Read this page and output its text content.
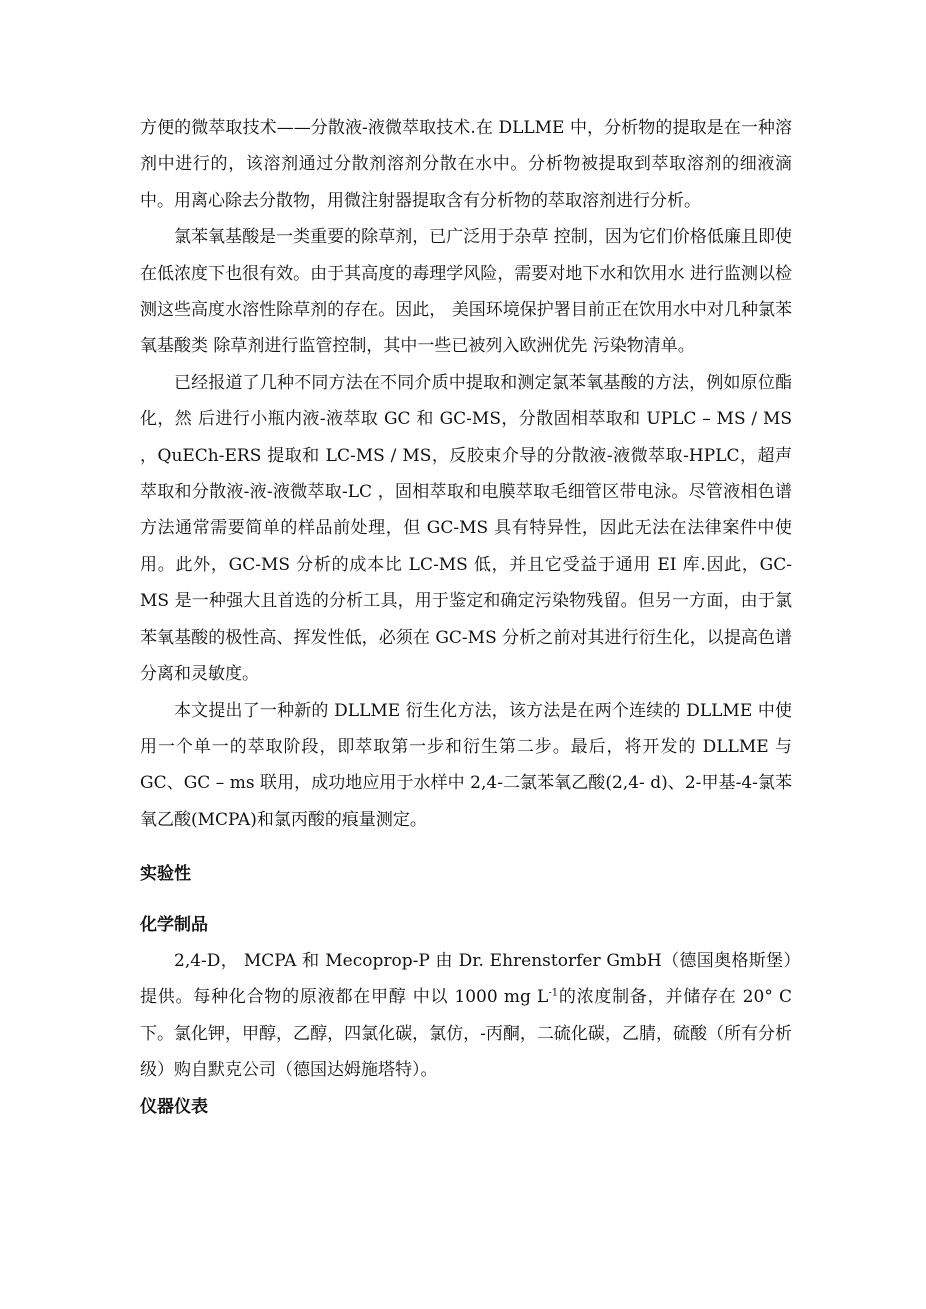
方便的微萃取技术——分散液-液微萃取技术.在 DLLME 中，分析物的提取是在一种溶剂中进行的，该溶剂通过分散剂溶剂分散在水中。分析物被提取到萃取溶剂的细液滴中。用离心除去分散物，用微注射器提取含有分析物的萃取溶剂进行分析。

氯苯氧基酸是一类重要的除草剂，已广泛用于杂草 控制，因为它们价格低廉且即使在低浓度下也很有效。由于其高度的毒理学风险，需要对地下水和饮用水 进行监测以检测这些高度水溶性除草剂的存在。因此， 美国环境保护署目前正在饮用水中对几种氯苯氧基酸类 除草剂进行监管控制，其中一些已被列入欧洲优先 污染物清单。

已经报道了几种不同方法在不同介质中提取和测定氯苯氧基酸的方法，例如原位酯化，然 后进行小瓶内液-液萃取 GC 和 GC-MS，分散固相萃取和 UPLC – MS / MS ，QuECh-ERS 提取和 LC-MS / MS，反胶束介导的分散液-液微萃取-HPLC，超声萃取和分散液-液-液微萃取-LC ，固相萃取和电膜萃取毛细管区带电泳。尽管液相色谱方法通常需要简单的样品前处理，但 GC-MS 具有特异性，因此无法在法律案件中使用。此外，GC-MS 分析的成本比 LC-MS 低，并且它受益于通用 EI 库.因此，GC-MS 是一种强大且首选的分析工具，用于鉴定和确定污染物残留。但另一方面，由于氯苯氧基酸的极性高、挥发性低，必须在 GC-MS 分析之前对其进行衍生化，以提高色谱分离和灵敏度。

本文提出了一种新的 DLLME 衍生化方法，该方法是在两个连续的 DLLME 中使用一个单一的萃取阶段，即萃取第一步和衍生第二步。最后，将开发的 DLLME 与 GC、GC – ms 联用，成功地应用于水样中 2,4-二氯苯氧乙酸(2,4- d)、2-甲基-4-氯苯氧乙酸(MCPA)和氯丙酸的痕量测定。

实验性
化学制品

2,4-D， MCPA 和 Mecoprop-P 由 Dr. Ehrenstorfer GmbH（德国奥格斯堡）提供。每种化合物的原液都在甲醇 中以 1000 mg $L^{-1}$的浓度制备，并储存在 20° C 下。氯化钾，甲醇，乙醇，四氯化碳，氯仿，-丙酮，二硫化碳，乙腈，硫酸（所有分析级）购自默克公司（德国达姆施塔特）。

仪器仪表
